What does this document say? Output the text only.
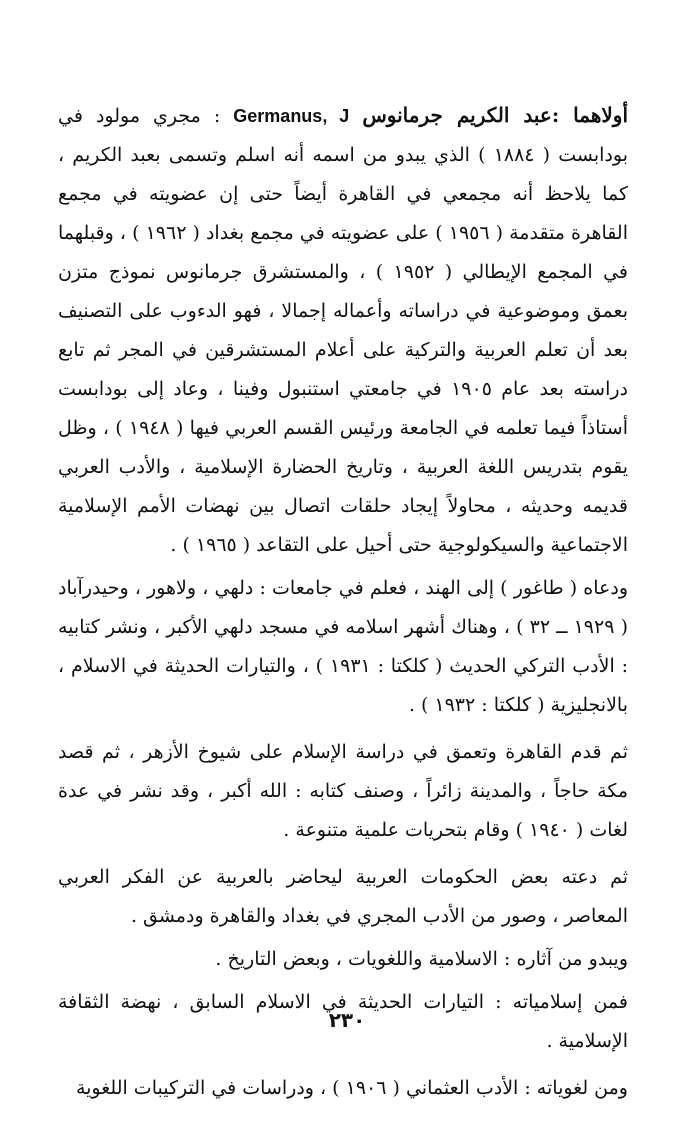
أولاهما :عبد الكريم جرمانوس Germanus, J : مجري مولود في بودابست ( ١٨٨٤ ) الذي يبدو من اسمه أنه اسلم وتسمى بعبد الكريم ، كما يلاحظ أنه مجمعي في القاهرة أيضاً حتى إن عضويته في مجمع القاهرة متقدمة ( ١٩٥٦ ) على عضويته في مجمع بغداد ( ١٩٦٢ ) ، وقبلهما في المجمع الإيطالي ( ١٩٥٢ ) ، والمستشرق جرمانوس نموذج متزن بعمق وموضوعية في دراساته وأعماله إجمالا ، فهو الدءوب على التصنيف بعد أن تعلم العربية والتركية على أعلام المستشرقين في المجر ثم تابع دراسته بعد عام ١٩٠٥ في جامعتي استنبول وفينا ، وعاد إلى بودابست أستاذاً فيما تعلمه في الجامعة ورئيس القسم العربي فيها ( ١٩٤٨ ) ، وظل يقوم بتدريس اللغة العربية ، وتاريخ الحضارة الإسلامية ، والأدب العربي قديمه وحديثه ، محاولاً إيجاد حلقات اتصال بين نهضات الأمم الإسلامية الاجتماعية والسيكولوجية حتى أحيل على التقاعد ( ١٩٦٥ ) .

ودعاه ( طاغور ) إلى الهند ، فعلم في جامعات : دلهي ، ولاهور ، وحيدرآباد ( ١٩٢٩ ــ ٣٢ ) ، وهناك أشهر اسلامه في مسجد دلهي الأكبر ، ونشر كتابيه : الأدب التركي الحديث ( كلكتا : ١٩٣١ ) ، والتيارات الحديثة في الاسلام ، بالانجليزية ( كلكتا : ١٩٣٢ ) .

ثم قدم القاهرة وتعمق في دراسة الإسلام على شيوخ الأزهر ، ثم قصد مكة حاجاً ، والمدينة زائراً ، وصنف كتابه : الله أكبر ، وقد نشر في عدة لغات ( ١٩٤٠ ) وقام بتحريات علمية متنوعة .

ثم دعته بعض الحكومات العربية ليحاضر بالعربية عن الفكر العربي المعاصر ، وصور من الأدب المجري في بغداد والقاهرة ودمشق .

ويبدو من آثاره : الاسلامية واللغويات ، وبعض التاريخ .

فمن إسلامياته : التيارات الحديثة في الاسلام السابق ، نهضة الثقافة الإسلامية .

ومن لغوياته : الأدب العثماني ( ١٩٠٦ ) ، ودراسات في التركيبات اللغوية

٢٣٠
